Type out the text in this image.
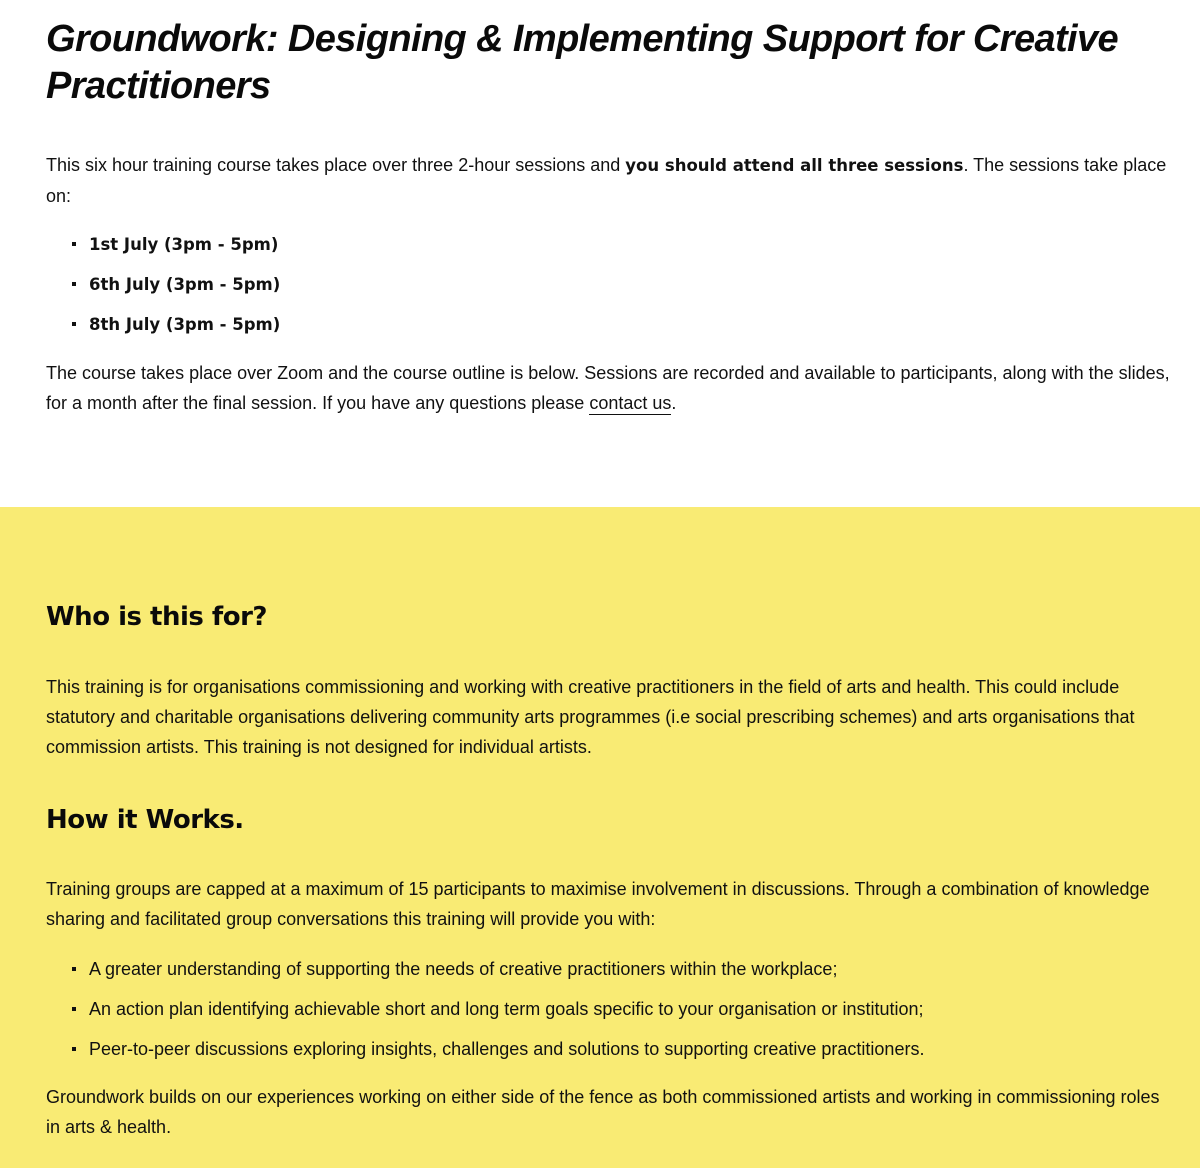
Groundwork: Designing & Implementing Support for Creative Practitioners

This six hour training course takes place over three 2-hour sessions and you should attend all three sessions. The sessions take place on:

1st July (3pm - 5pm)
6th July (3pm - 5pm)
8th July (3pm - 5pm)

The course takes place over Zoom and the course outline is below. Sessions are recorded and available to participants, along with the slides, for a month after the final session. If you have any questions please contact us.

Who is this for?

This training is for organisations commissioning and working with creative practitioners in the field of arts and health. This could include statutory and charitable organisations delivering community arts programmes (i.e social prescribing schemes) and arts organisations that commission artists. This training is not designed for individual artists.

How it Works.

Training groups are capped at a maximum of 15 participants to maximise involvement in discussions. Through a combination of knowledge sharing and facilitated group conversations this training will provide you with:

A greater understanding of supporting the needs of creative practitioners within the workplace;
An action plan identifying achievable short and long term goals specific to your organisation or institution;
Peer-to-peer discussions exploring insights, challenges and solutions to supporting creative practitioners.

Groundwork builds on our experiences working on either side of the fence as both commissioned artists and working in commissioning roles in arts & health.
